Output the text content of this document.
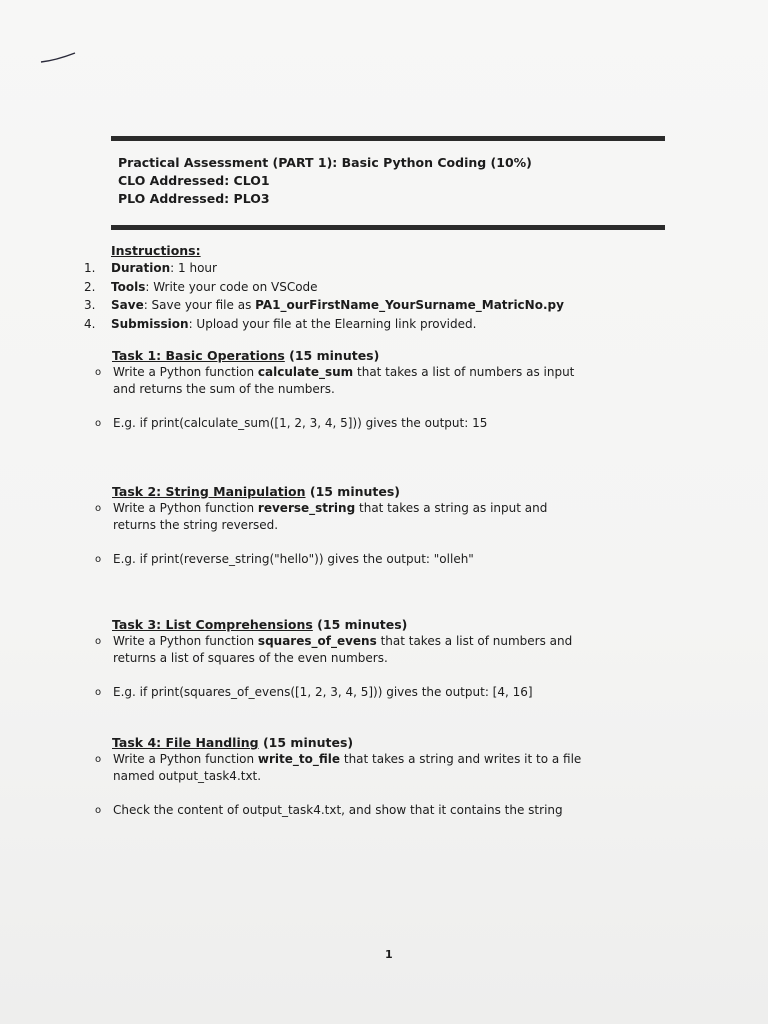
Practical Assessment (PART 1): Basic Python Coding (10%)
CLO Addressed: CLO1
PLO Addressed: PLO3
Instructions:
1. Duration: 1 hour
2. Tools: Write your code on VSCode
3. Save: Save your file as PA1_ourFirstName_YourSurname_MatricNo.py
4. Submission: Upload your file at the Elearning link provided.
Task 1: Basic Operations (15 minutes)
o Write a Python function calculate_sum that takes a list of numbers as input and returns the sum of the numbers.
o E.g. if print(calculate_sum([1, 2, 3, 4, 5])) gives the output: 15
Task 2: String Manipulation (15 minutes)
o Write a Python function reverse_string that takes a string as input and returns the string reversed.
o E.g. if print(reverse_string("hello")) gives the output: "olleh"
Task 3: List Comprehensions (15 minutes)
o Write a Python function squares_of_evens that takes a list of numbers and returns a list of squares of the even numbers.
o E.g. if print(squares_of_evens([1, 2, 3, 4, 5])) gives the output: [4, 16]
Task 4: File Handling (15 minutes)
o Write a Python function write_to_file that takes a string and writes it to a file named output_task4.txt.
o Check the content of output_task4.txt, and show that it contains the string
1
